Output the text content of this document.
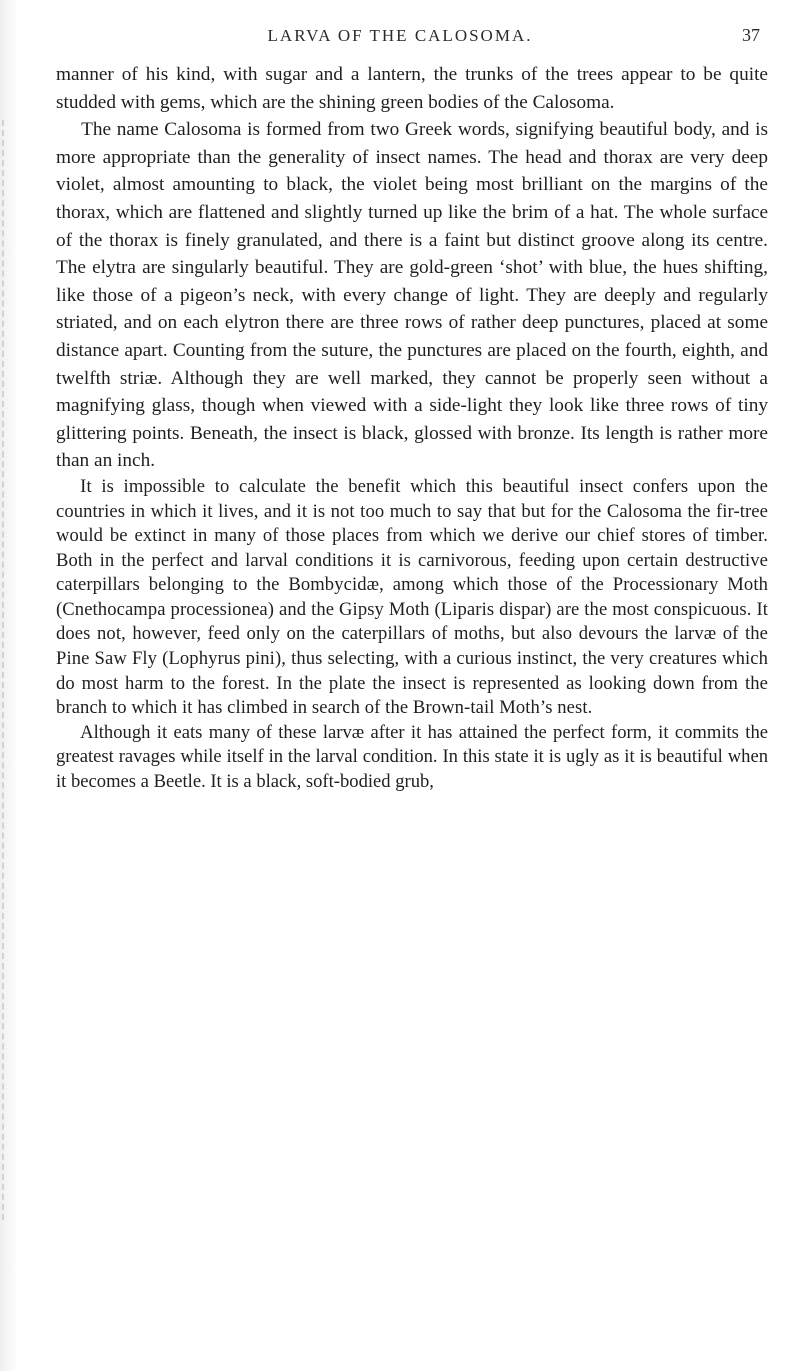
LARVA OF THE CALOSOMA.	37

manner of his kind, with sugar and a lantern, the trunks of the trees appear to be quite studded with gems, which are the shining green bodies of the Calosoma.

The name Calosoma is formed from two Greek words, signifying beautiful body, and is more appropriate than the generality of insect names. The head and thorax are very deep violet, almost amounting to black, the violet being most brilliant on the margins of the thorax, which are flattened and slightly turned up like the brim of a hat. The whole surface of the thorax is finely granulated, and there is a faint but distinct groove along its centre. The elytra are singularly beautiful. They are gold-green ‘shot’ with blue, the hues shifting, like those of a pigeon’s neck, with every change of light. They are deeply and regularly striated, and on each elytron there are three rows of rather deep punctures, placed at some distance apart. Counting from the suture, the punctures are placed on the fourth, eighth, and twelfth striæ. Although they are well marked, they cannot be properly seen without a magnifying glass, though when viewed with a side-light they look like three rows of tiny glittering points. Beneath, the insect is black, glossed with bronze. Its length is rather more than an inch.

It is impossible to calculate the benefit which this beautiful insect confers upon the countries in which it lives, and it is not too much to say that but for the Calosoma the fir-tree would be extinct in many of those places from which we derive our chief stores of timber. Both in the perfect and larval conditions it is carnivorous, feeding upon certain destructive caterpillars belonging to the Bombycidæ, among which those of the Processionary Moth (Cnethocampa processionea) and the Gipsy Moth (Liparis dispar) are the most conspicuous. It does not, however, feed only on the caterpillars of moths, but also devours the larvæ of the Pine Saw Fly (Lophyrus pini), thus selecting, with a curious instinct, the very creatures which do most harm to the forest. In the plate the insect is represented as looking down from the branch to which it has climbed in search of the Brown-tail Moth’s nest.

Although it eats many of these larvæ after it has attained the perfect form, it commits the greatest ravages while itself in the larval condition. In this state it is ugly as it is beautiful when it becomes a Beetle. It is a black, soft-bodied grub,
